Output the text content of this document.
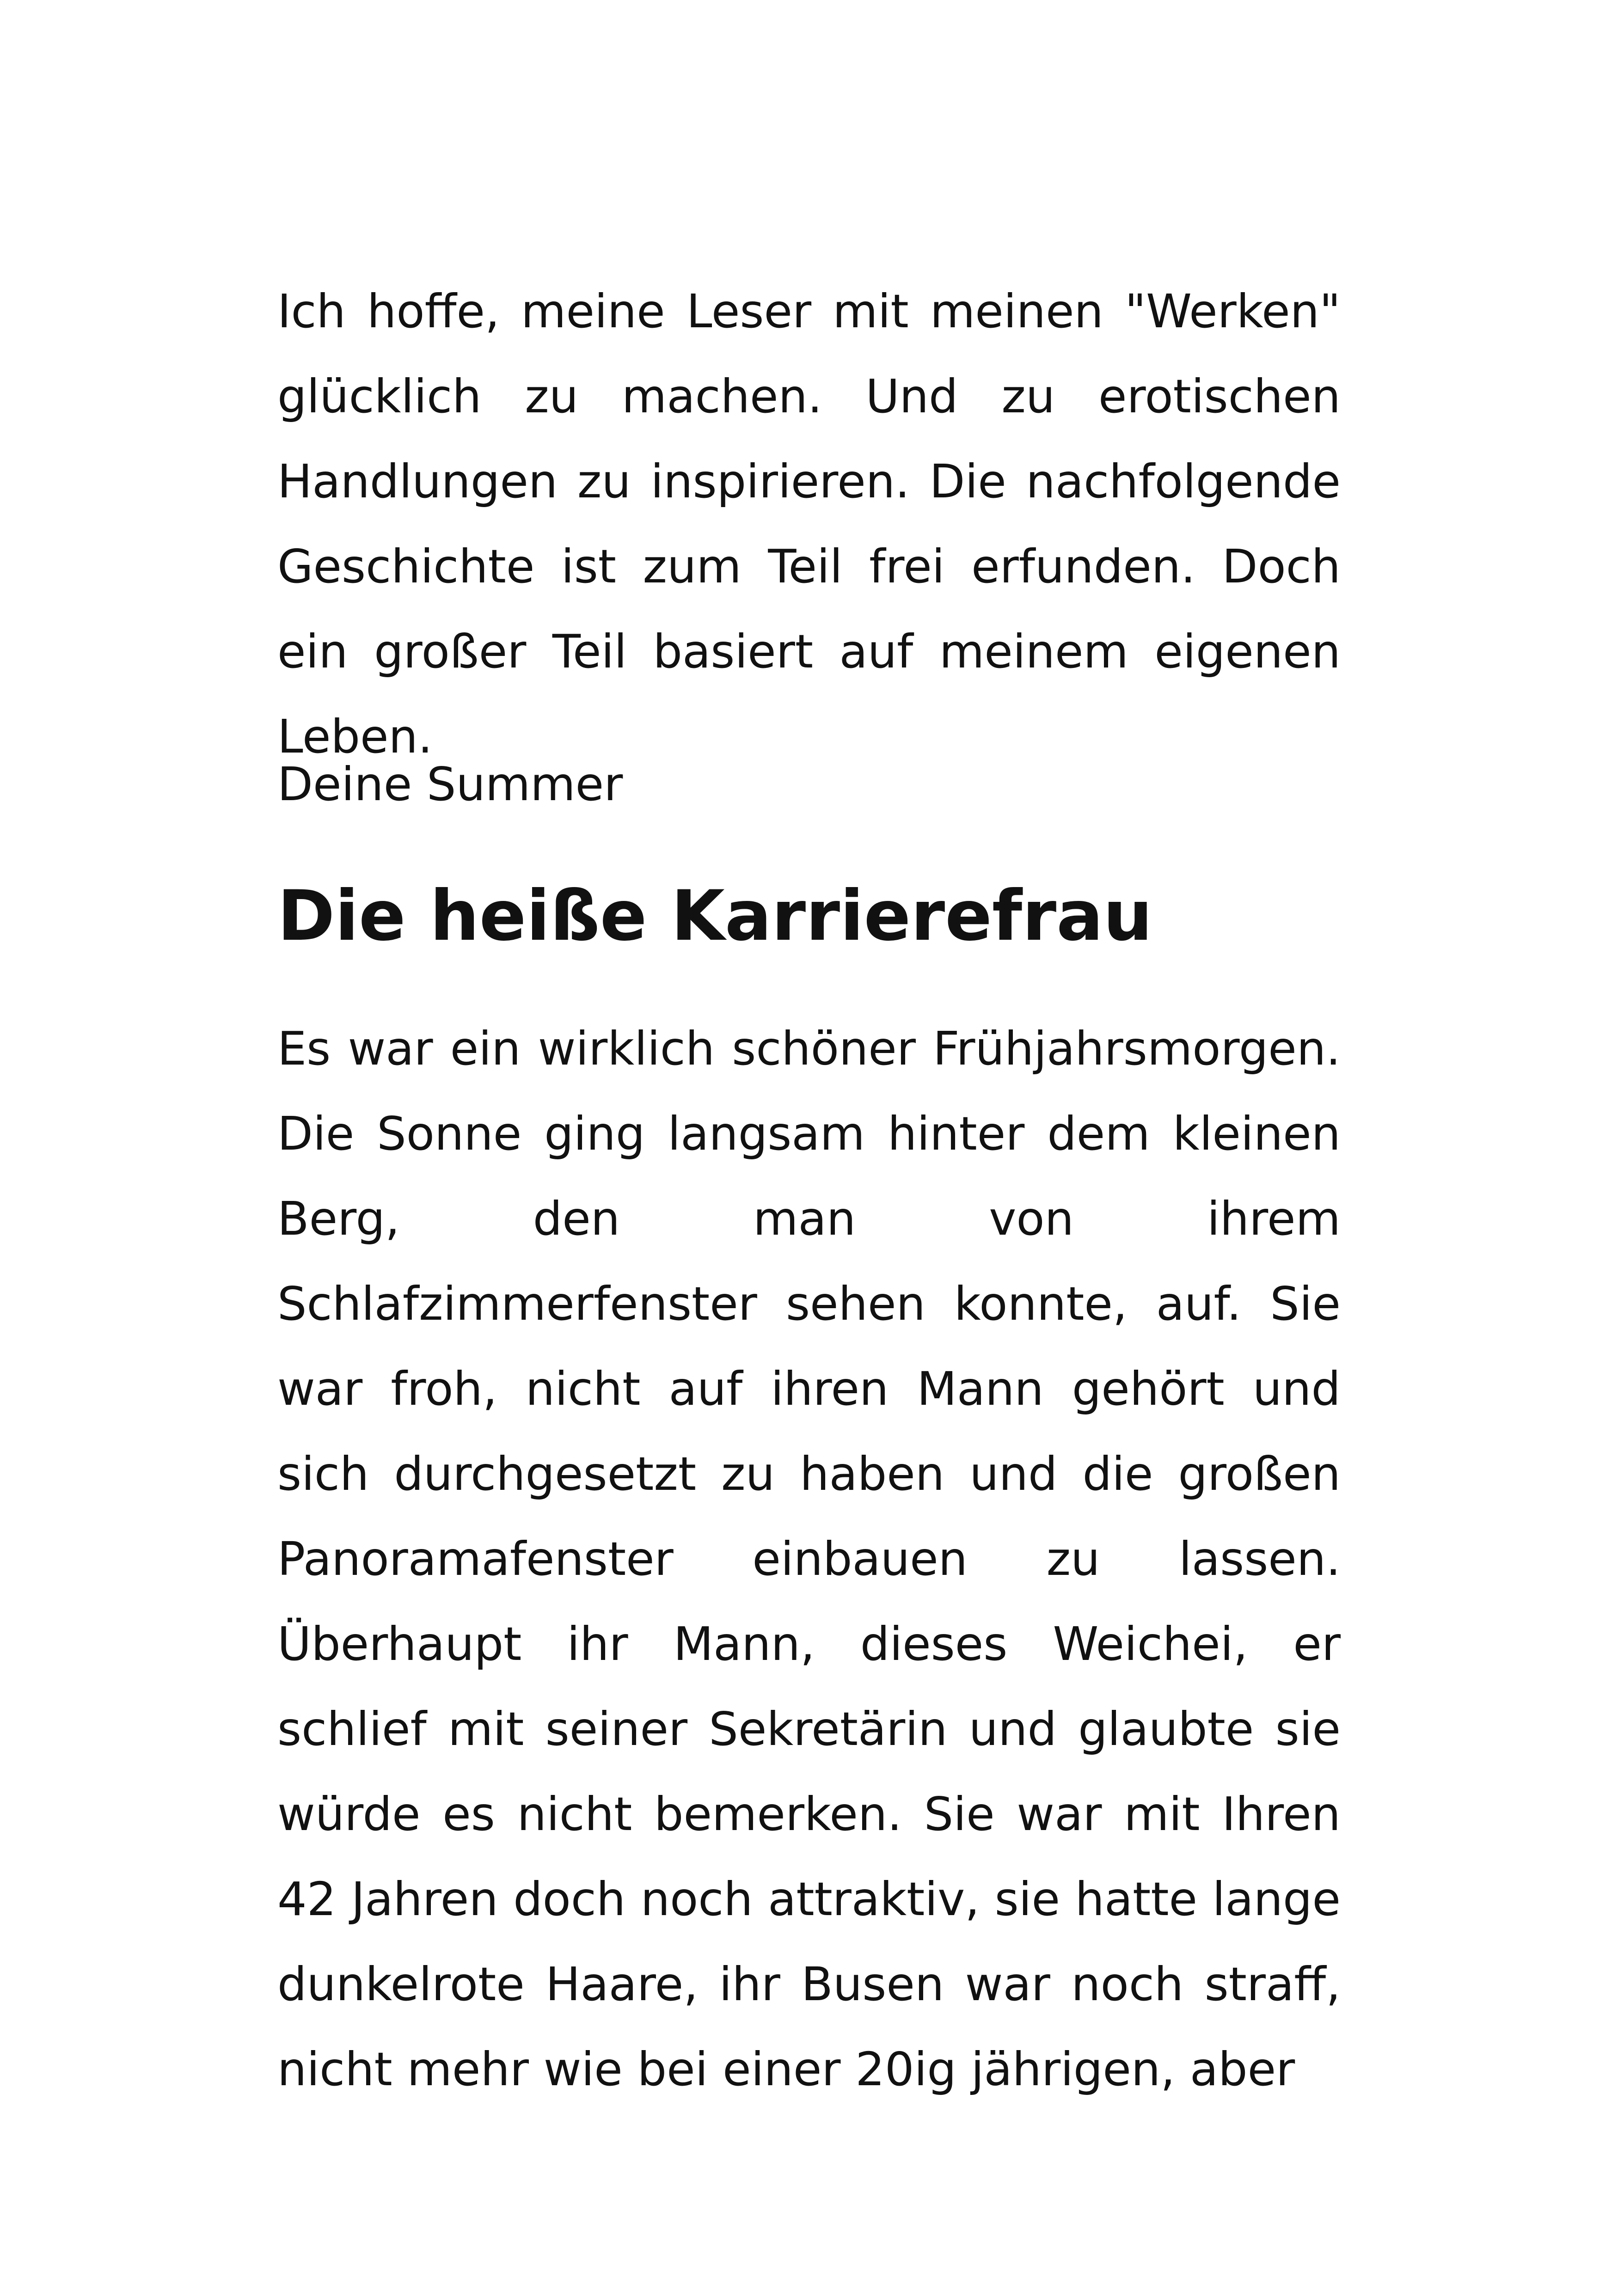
Ich hoffe, meine Leser mit meinen "Werken" glücklich zu machen. Und zu erotischen Handlungen zu inspirieren. Die nachfolgende Geschichte ist zum Teil frei erfunden. Doch ein großer Teil basiert auf meinem eigenen Leben.

Deine Summer

Die heiße Karrierefrau

Es war ein wirklich schöner Frühjahrsmorgen. Die Sonne ging langsam hinter dem kleinen Berg, den man von ihrem Schlafzimmerfenster sehen konnte, auf. Sie war froh, nicht auf ihren Mann gehört und sich durchgesetzt zu haben und die großen Panoramafenster einbauen zu lassen. Überhaupt ihr Mann, dieses Weichei, er schlief mit seiner Sekretärin und glaubte sie würde es nicht bemerken. Sie war mit Ihren 42 Jahren doch noch attraktiv, sie hatte lange dunkelrote Haare, ihr Busen war noch straff, nicht mehr wie bei einer 20ig jährigen, aber
